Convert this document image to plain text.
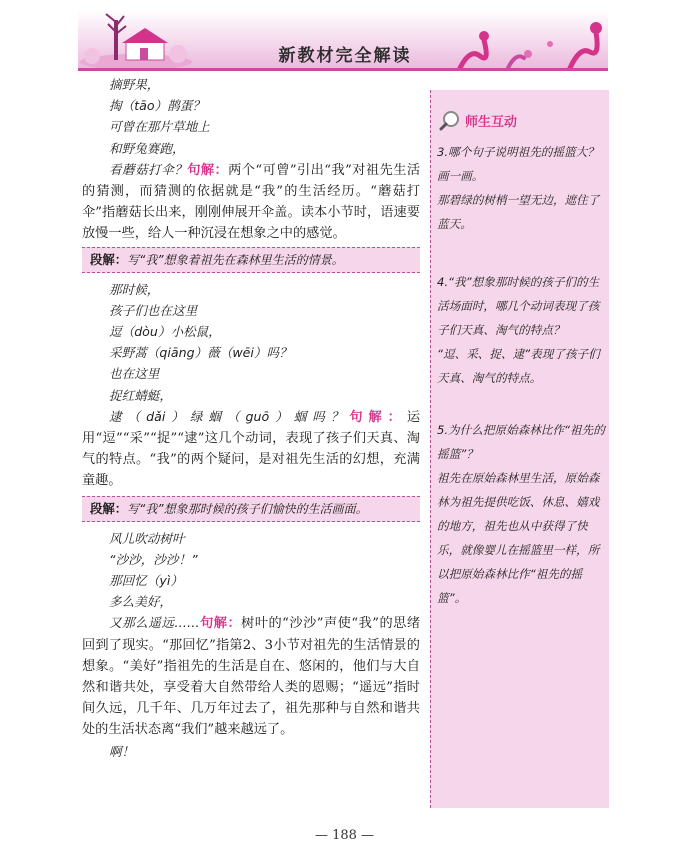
新教材完全解读
摘野果，
掏（tāo）鹊蛋？
可曾在那片草地上
和野兔赛跑，
看蘑菇打伞？句解：两个“可曾”引出“我”对祖先生活的猜测，而猜测的依据就是“我”的生活经历。“蘑菇打伞”指蘑菇长出来，刚刚伸展开伞盖。读本小节时，语速要放慢一些，给人一种沉浸在想象之中的感觉。
段解：写“我”想象着祖先在森林里生活的情景。
那时候，
孩子们也在这里
逗（dòu）小松鼠，
采野蒿（qiāng）薇（wēi）吗？
也在这里
捉红蜻蜓，
逮（dǎi）绿蝈（guō）蝈吗？句解：运用“逗”“采”“捉”“逮”这几个动词，表现了孩子们天真、淘气的特点。“我”的两个疑问，是对祖先生活的幻想，充满童趣。
段解：写“我”想象那时候的孩子们愉快的生活画面。
风儿吹动树叶
“沙沙，沙沙！”
那回忆（yì）
多么美好，
又那么遥远……句解：树叶的“沙沙”声使“我”的思绪回到了现实。“那回忆”指第2、3小节对祖先的生活情景的想象。“美好”指祖先的生活是自在、悠闲的，他们与大自然和谐共处，享受着大自然带给人类的恩赐；“遥远”指时间久远，几千年、几万年过去了，祖先那种与自然和谐共处的生活状态离“我们”越来越远了。
啊！
师生互动

3.哪个句子说明祖先的摇篮大？画一画。

那碧绿的树梢一望无边，遮住了蓝天。

4.“我”想象那时候的孩子们的生活场面时，哪几个动词表现了孩子们天真、淘气的特点？

“逗、采、捉、逮”表现了孩子们天真、淘气的特点。

5.为什么把原始森林比作“祖先的摇篮”？

祖先在原始森林里生活，原始森林为祖先提供吃饭、休息、嬉戏的地方，祖先也从中获得了快乐，就像婴儿在摇篮里一样，所以把原始森林比作“祖先的摇篮”。

— 188 —
